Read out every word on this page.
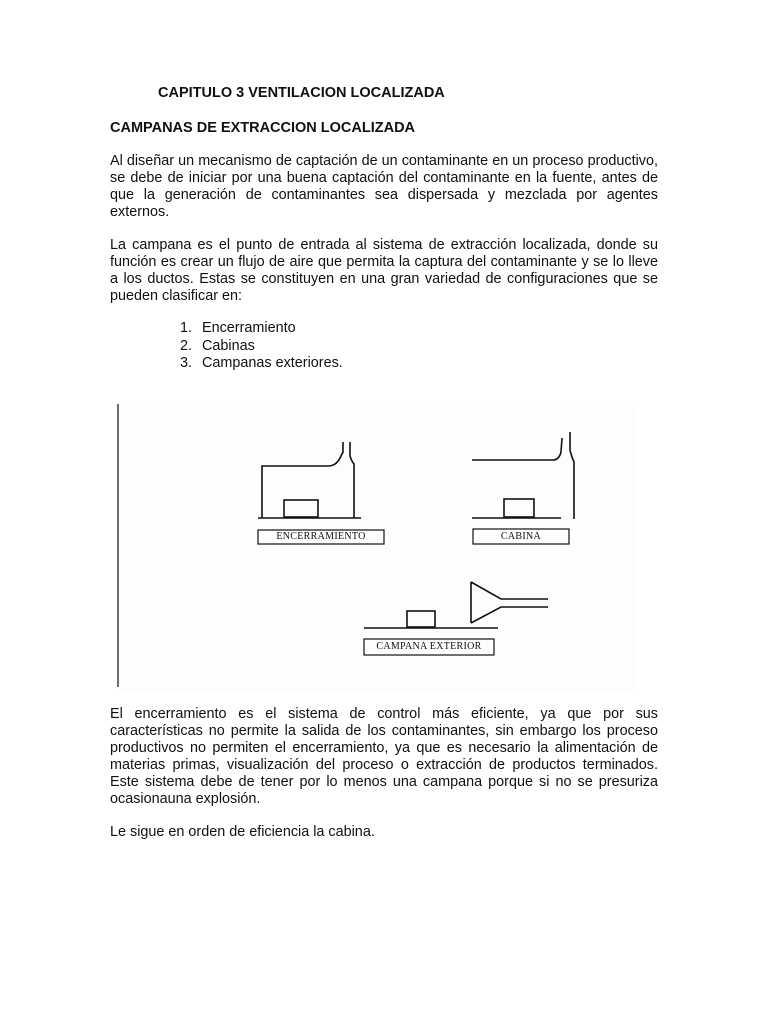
CAPITULO 3 VENTILACION LOCALIZADA
CAMPANAS DE EXTRACCION LOCALIZADA

Al diseñar un mecanismo de captación de un contaminante en un proceso productivo, se debe de iniciar por una buena captación del contaminante en la fuente, antes de que la generación de contaminantes sea dispersada y mezclada por agentes externos.

La campana es el punto de entrada al sistema de extracción localizada, donde su función es crear un flujo de aire que permita la captura del contaminante y se lo lleve a los ductos. Estas se constituyen en una gran variedad de configuraciones que se pueden clasificar en:

1. Encerramiento
2. Cabinas
3. Campanas exteriores.
ENCERRAMIENTO	CABINA
CAMPANA EXTERIOR

El encerramiento es el sistema de control más eficiente, ya que por sus características no permite la salida de los contaminantes, sin embargo los proceso productivos no permiten el encerramiento, ya que es necesario la alimentación de materias primas, visualización del proceso o extracción de productos terminados. Este sistema debe de tener por lo menos una campana porque si no se presuriza ocasionauna explosión.

Le sigue en orden de eficiencia la cabina.
